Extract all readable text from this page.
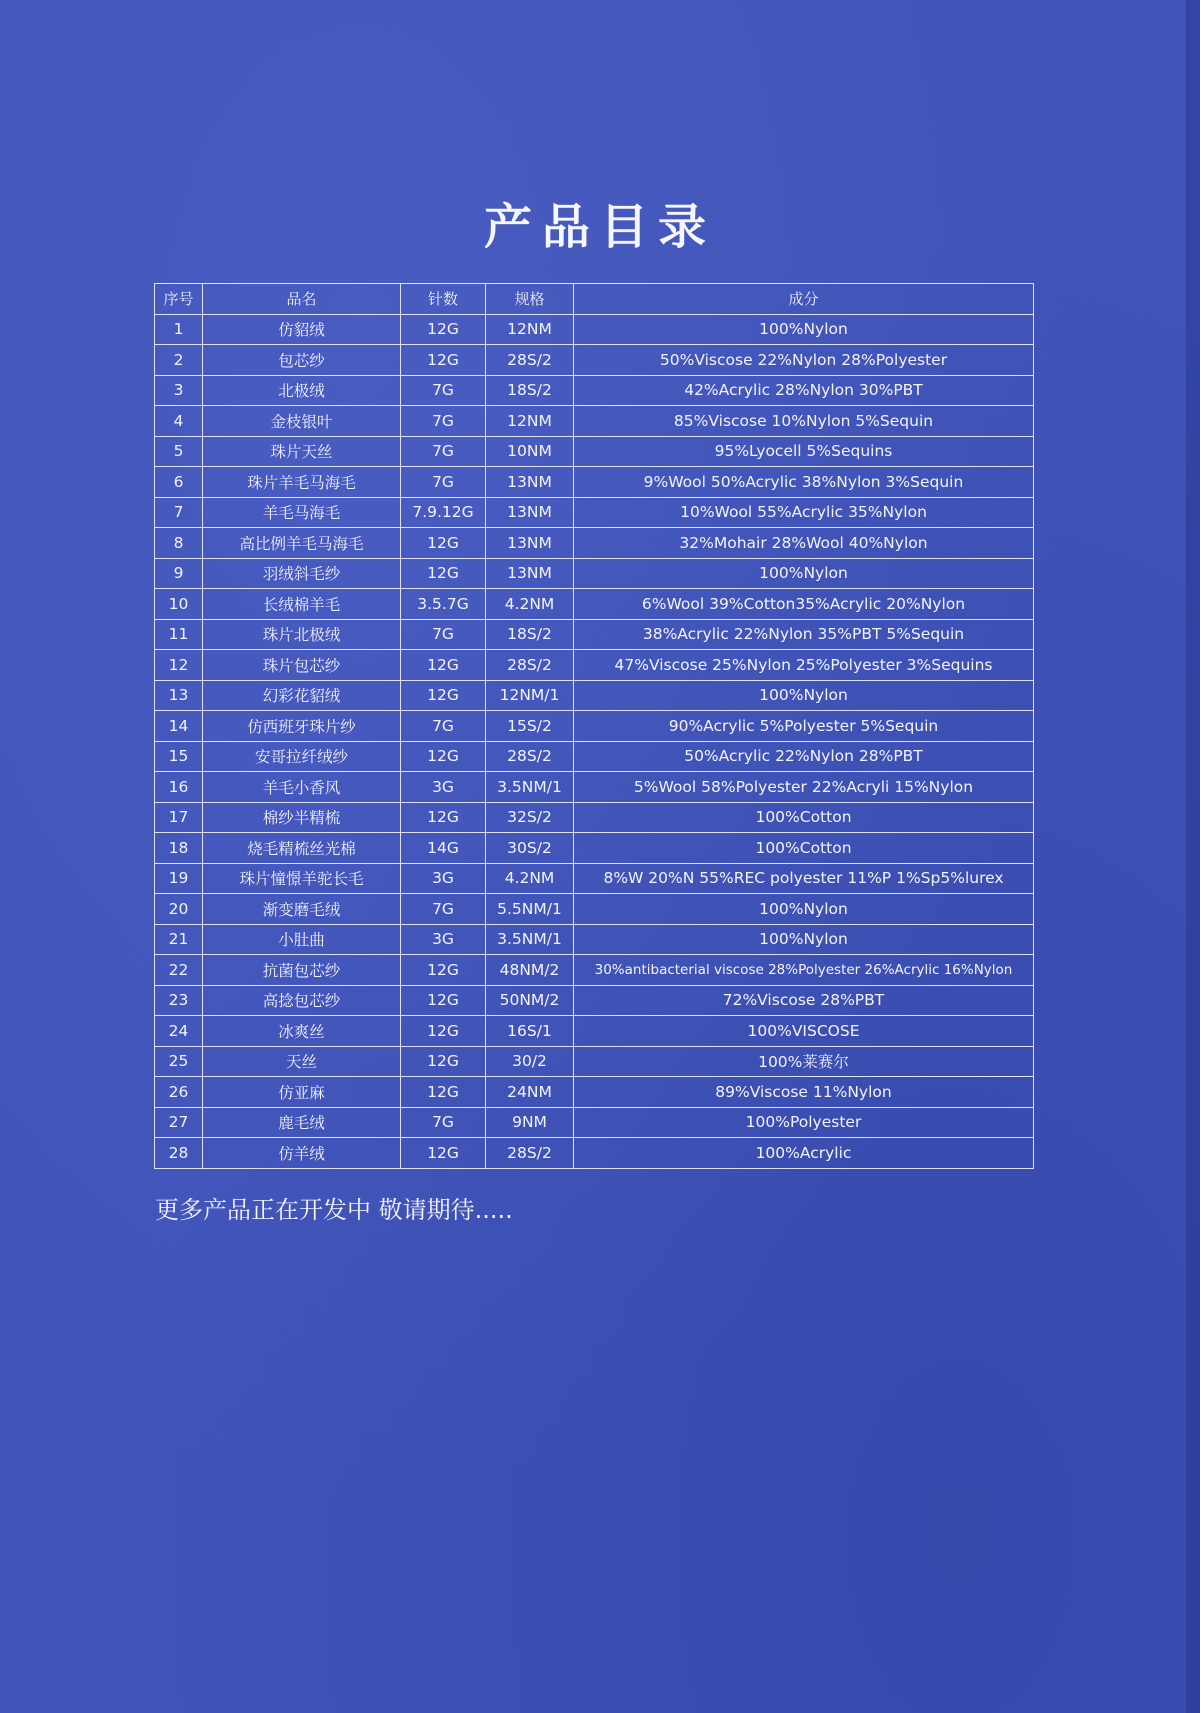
产品目录
序号	品名	针数	规格	成分
1	仿貂绒	12G	12NM	100%Nylon
2	包芯纱	12G	28S/2	50%Viscose 22%Nylon 28%Polyester
3	北极绒	7G	18S/2	42%Acrylic 28%Nylon 30%PBT
4	金枝银叶	7G	12NM	85%Viscose 10%Nylon 5%Sequin
5	珠片天丝	7G	10NM	95%Lyocell 5%Sequins
6	珠片羊毛马海毛	7G	13NM	9%Wool 50%Acrylic 38%Nylon 3%Sequin
7	羊毛马海毛	7.9.12G	13NM	10%Wool 55%Acrylic 35%Nylon
8	高比例羊毛马海毛	12G	13NM	32%Mohair 28%Wool 40%Nylon
9	羽绒斜毛纱	12G	13NM	100%Nylon
10	长绒棉羊毛	3.5.7G	4.2NM	6%Wool 39%Cotton35%Acrylic 20%Nylon
11	珠片北极绒	7G	18S/2	38%Acrylic 22%Nylon 35%PBT 5%Sequin
12	珠片包芯纱	12G	28S/2	47%Viscose 25%Nylon 25%Polyester 3%Sequins
13	幻彩花貂绒	12G	12NM/1	100%Nylon
14	仿西班牙珠片纱	7G	15S/2	90%Acrylic 5%Polyester 5%Sequin
15	安哥拉纤绒纱	12G	28S/2	50%Acrylic 22%Nylon 28%PBT
16	羊毛小香风	3G	3.5NM/1	5%Wool 58%Polyester 22%Acryli 15%Nylon
17	棉纱半精梳	12G	32S/2	100%Cotton
18	烧毛精梳丝光棉	14G	30S/2	100%Cotton
19	珠片憧憬羊驼长毛	3G	4.2NM	8%W 20%N 55%REC polyester 11%P 1%Sp5%lurex
20	渐变磨毛绒	7G	5.5NM/1	100%Nylon
21	小肚曲	3G	3.5NM/1	100%Nylon
22	抗菌包芯纱	12G	48NM/2	30%antibacterial viscose 28%Polyester 26%Acrylic 16%Nylon
23	高捻包芯纱	12G	50NM/2	72%Viscose 28%PBT
24	冰爽丝	12G	16S/1	100%VISCOSE
25	天丝	12G	30/2	100%莱赛尔
26	仿亚麻	12G	24NM	89%Viscose 11%Nylon
27	鹿毛绒	7G	9NM	100%Polyester
28	仿羊绒	12G	28S/2	100%Acrylic
更多产品正在开发中 敬请期待.....
